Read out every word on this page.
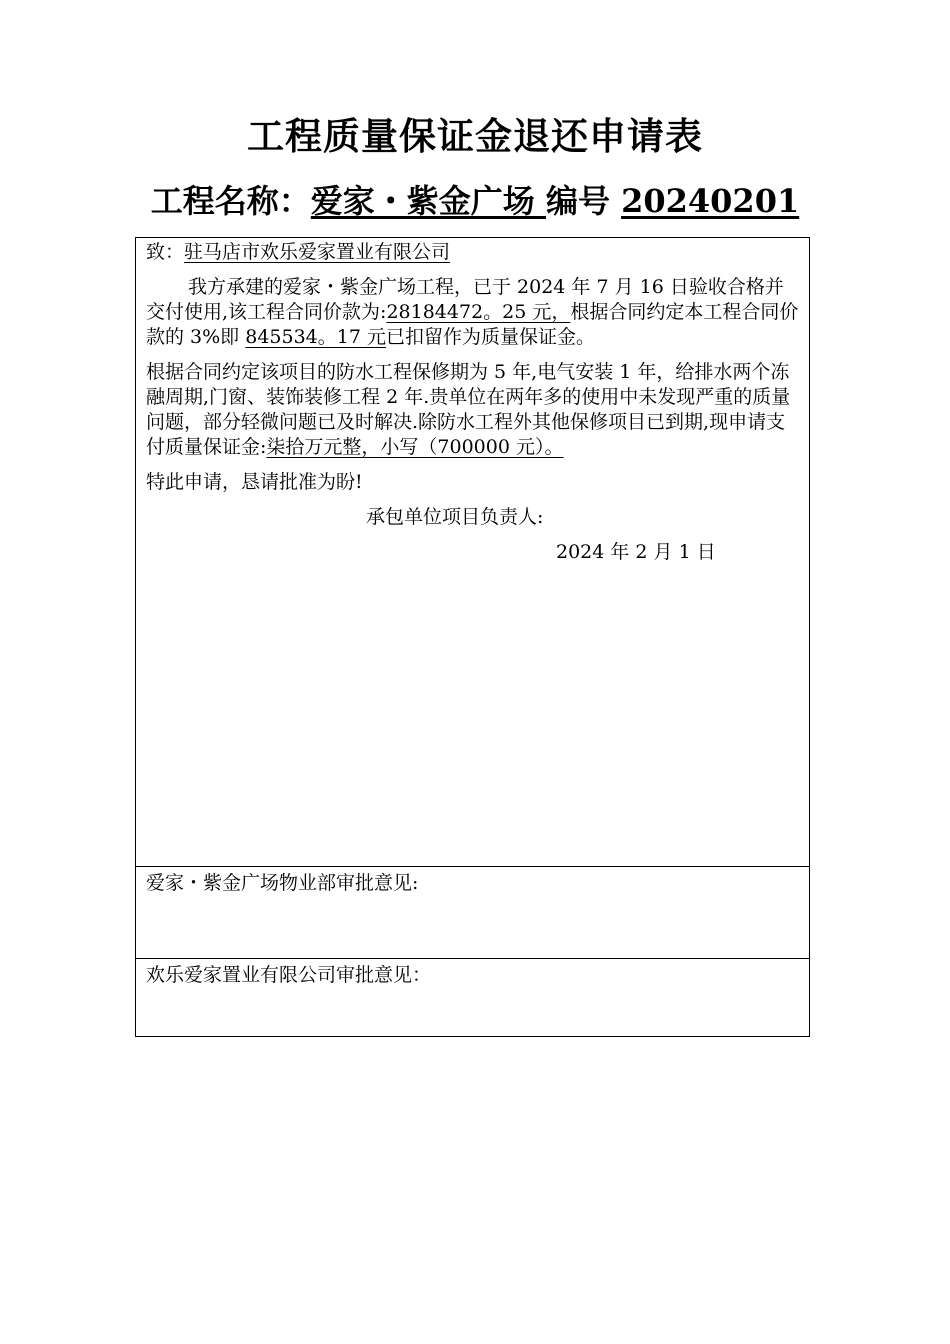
工程质量保证金退还申请表
工程名称：爱家・紫金广场 编号 20240201

致：驻马店市欢乐爱家置业有限公司

我方承建的爱家・紫金广场工程，已于 2024 年 7 月 16 日验收合格并交付使用,该工程合同价款为:28184472。25 元，根据合同约定本工程合同价款的 3%即 845534。17 元已扣留作为质量保证金。

根据合同约定该项目的防水工程保修期为 5 年,电气安装 1 年，给排水两个冻融周期,门窗、装饰装修工程 2 年.贵单位在两年多的使用中未发现严重的质量问题，部分轻微问题已及时解决.除防水工程外其他保修项目已到期,现申请支付质量保证金:柒拾万元整，小写（700000 元）。

特此申请，恳请批准为盼!

承包单位项目负责人:

2024 年 2 月 1 日

爱家・紫金广场物业部审批意见:
欢乐爱家置业有限公司审批意见：
